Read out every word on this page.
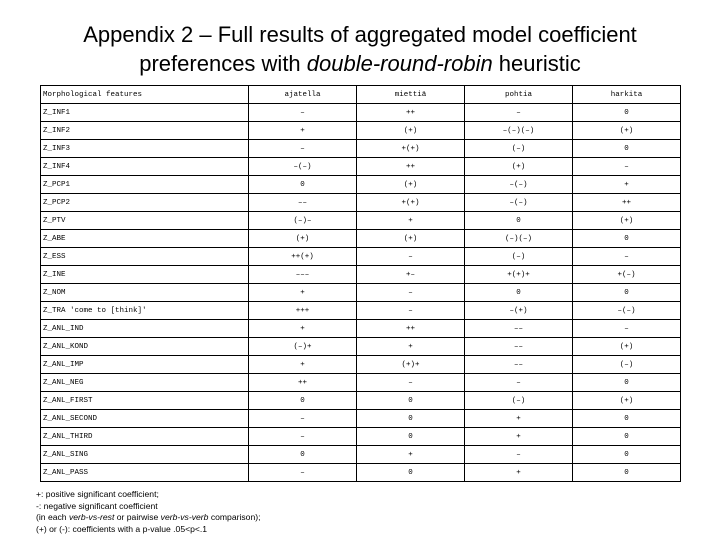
Appendix 2 – Full results of aggregated model coefficient
preferences with double-round-robin heuristic
Morphological features	ajatella	miettiä	pohtia	harkita
Z_INF1	–	++	–	0
Z_INF2	+	(+)	–(–)(–)	(+)
Z_INF3	–	+(+)	(–)	0
Z_INF4	–(–)	++	(+)	–
Z_PCP1	0	(+)	–(–)	+
Z_PCP2	––	+(+)	–(–)	++
Z_PTV	(–)–	+	0	(+)
Z_ABE	(+)	(+)	(–)(–)	0
Z_ESS	++(+)	–	(–)	–
Z_INE	–––	+–	+(+)+	+(–)
Z_NOM	+	–	0	0
Z_TRA 'come to [think]'	+++	–	–(+)	–(–)
Z_ANL_IND	+	++	––	–
Z_ANL_KOND	(–)+	+	––	(+)
Z_ANL_IMP	+	(+)+	––	(–)
Z_ANL_NEG	++	–	–	0
Z_ANL_FIRST	0	0	(–)	(+)
Z_ANL_SECOND	–	0	+	0
Z_ANL_THIRD	–	0	+	0
Z_ANL_SING	0	+	–	0
Z_ANL_PASS	–	0	+	0
+: positive significant coefficient;
-: negative significant coefficient
(in each verb-vs-rest or pairwise verb-vs-verb comparison);
(+) or (-): coefficients with a p-value .05<p<.1
